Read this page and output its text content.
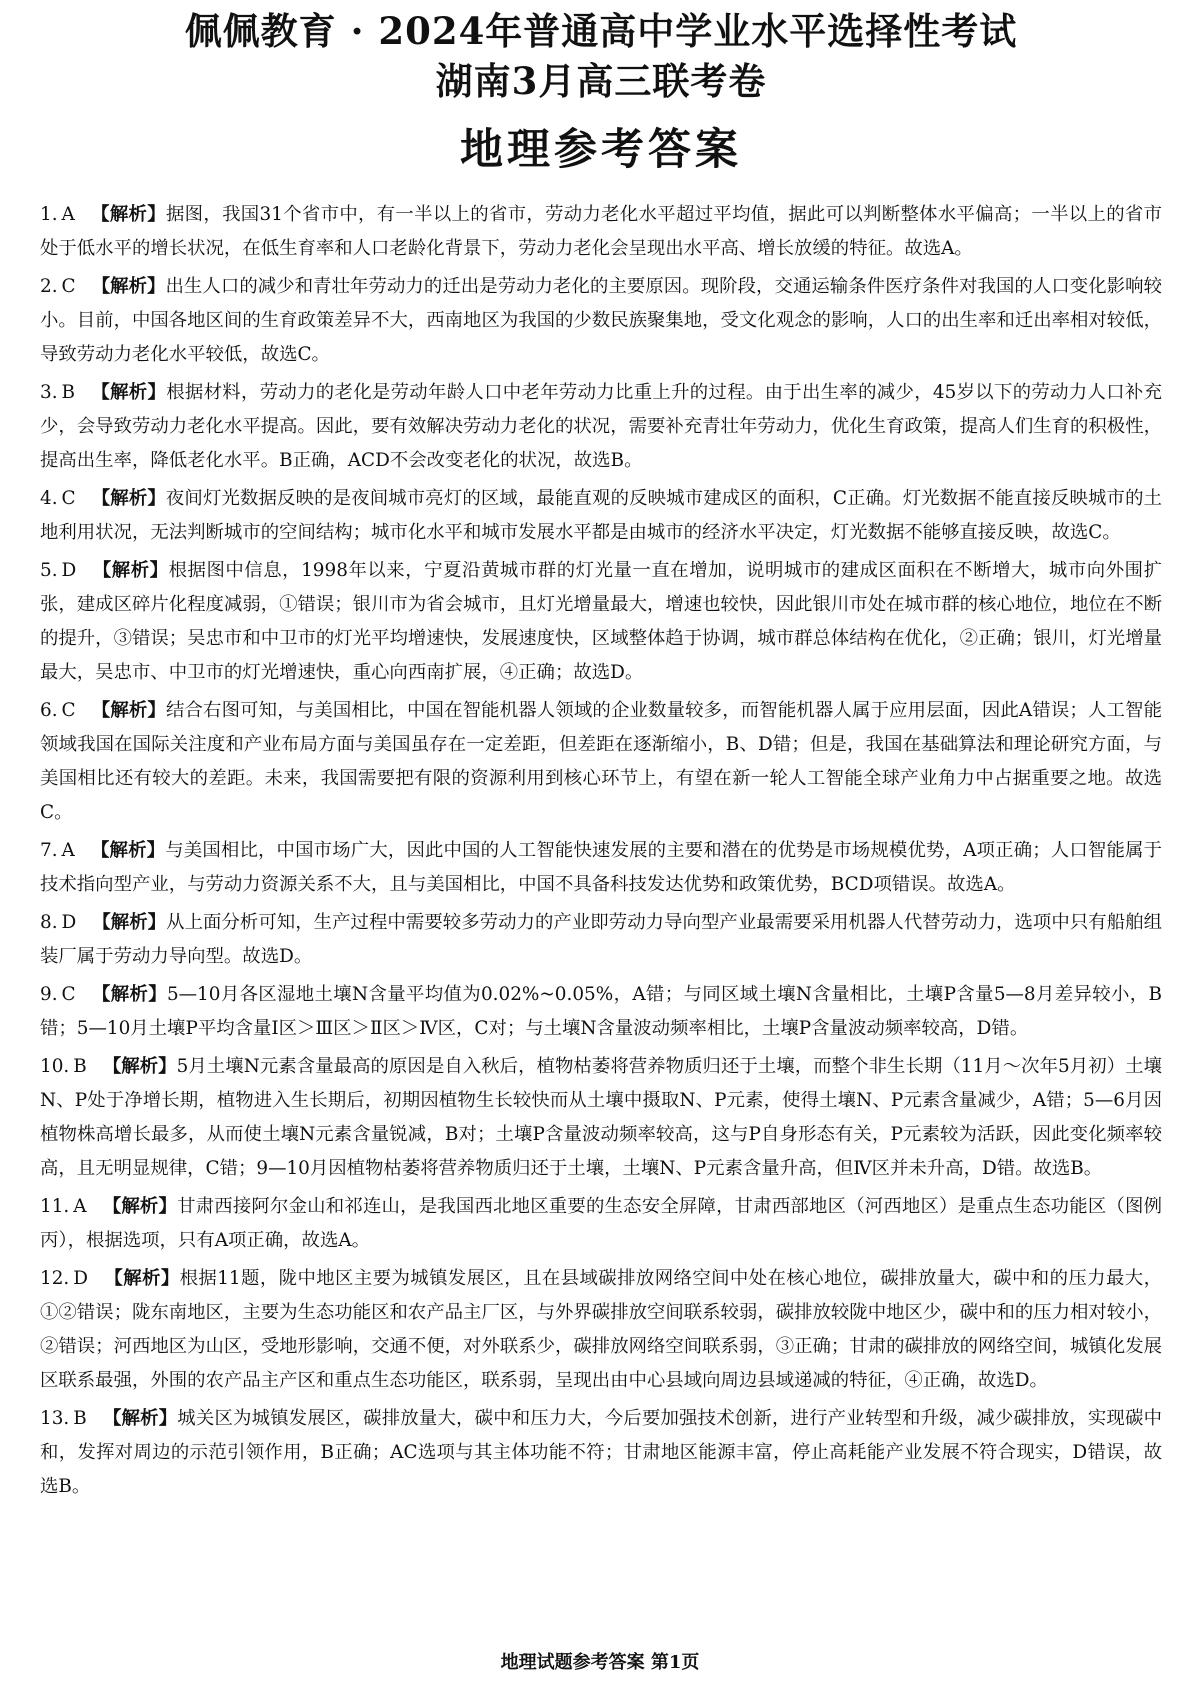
佩佩教育 · 2024年普通高中学业水平选择性考试
湖南3月高三联考卷
地理参考答案
1. A 【解析】据图，我国31个省市中，有一半以上的省市，劳动力老化水平超过平均值，据此可以判断整体水平偏高；一半以上的省市处于低水平的增长状况，在低生育率和人口老龄化背景下，劳动力老化会呈现出水平高、增长放缓的特征。故选A。
2. C 【解析】出生人口的减少和青壮年劳动力的迁出是劳动力老化的主要原因。现阶段，交通运输条件医疗条件对我国的人口变化影响较小。目前，中国各地区间的生育政策差异不大，西南地区为我国的少数民族聚集地，受文化观念的影响，人口的出生率和迁出率相对较低，导致劳动力老化水平较低，故选C。
3. B 【解析】根据材料，劳动力的老化是劳动年龄人口中老年劳动力比重上升的过程。由于出生率的减少，45岁以下的劳动力人口补充少，会导致劳动力老化水平提高。因此，要有效解决劳动力老化的状况，需要补充青壮年劳动力，优化生育政策，提高人们生育的积极性，提高出生率，降低老化水平。B正确，ACD不会改变老化的状况，故选B。
4. C 【解析】夜间灯光数据反映的是夜间城市亮灯的区域，最能直观的反映城市建成区的面积，C正确。灯光数据不能直接反映城市的土地利用状况，无法判断城市的空间结构；城市化水平和城市发展水平都是由城市的经济水平决定，灯光数据不能够直接反映，故选C。
5. D 【解析】根据图中信息，1998年以来，宁夏沿黄城市群的灯光量一直在增加，说明城市的建成区面积在不断增大，城市向外围扩张，建成区碎片化程度减弱，①错误；银川市为省会城市，且灯光增量最大，增速也较快，因此银川市处在城市群的核心地位，地位在不断的提升，③错误；吴忠市和中卫市的灯光平均增速快，发展速度快，区域整体趋于协调，城市群总体结构在优化，②正确；银川，灯光增量最大，吴忠市、中卫市的灯光增速快，重心向西南扩展，④正确；故选D。
6. C 【解析】结合右图可知，与美国相比，中国在智能机器人领域的企业数量较多，而智能机器人属于应用层面，因此A错误；人工智能领域我国在国际关注度和产业布局方面与美国虽存在一定差距，但差距在逐渐缩小，B、D错；但是，我国在基础算法和理论研究方面，与美国相比还有较大的差距。未来，我国需要把有限的资源利用到核心环节上，有望在新一轮人工智能全球产业角力中占据重要之地。故选C。
7. A 【解析】与美国相比，中国市场广大，因此中国的人工智能快速发展的主要和潜在的优势是市场规模优势，A项正确；人口智能属于技术指向型产业，与劳动力资源关系不大，且与美国相比，中国不具备科技发达优势和政策优势，BCD项错误。故选A。
8. D 【解析】从上面分析可知，生产过程中需要较多劳动力的产业即劳动力导向型产业最需要采用机器人代替劳动力，选项中只有船舶组装厂属于劳动力导向型。故选D。
9. C 【解析】5—10月各区湿地土壤N含量平均值为0.02%~0.05%，A错；与同区域土壤N含量相比，土壤P含量5—8月差异较小，B错；5—10月土壤P平均含量Ⅰ区＞Ⅲ区＞Ⅱ区＞Ⅳ区，C对；与土壤N含量波动频率相比，土壤P含量波动频率较高，D错。
10. B 【解析】5月土壤N元素含量最高的原因是自入秋后，植物枯萎将营养物质归还于土壤，而整个非生长期（11月～次年5月初）土壤N、P处于净增长期，植物进入生长期后，初期因植物生长较快而从土壤中摄取N、P元素，使得土壤N、P元素含量减少，A错；5—6月因植物株高增长最多，从而使土壤N元素含量锐减，B对；土壤P含量波动频率较高，这与P自身形态有关，P元素较为活跃，因此变化频率较高，且无明显规律，C错；9—10月因植物枯萎将营养物质归还于土壤，土壤N、P元素含量升高，但Ⅳ区并未升高，D错。故选B。
11. A 【解析】甘肃西接阿尔金山和祁连山，是我国西北地区重要的生态安全屏障，甘肃西部地区（河西地区）是重点生态功能区（图例丙），根据选项，只有A项正确，故选A。
12. D 【解析】根据11题，陇中地区主要为城镇发展区，且在县域碳排放网络空间中处在核心地位，碳排放量大，碳中和的压力最大，①②错误；陇东南地区，主要为生态功能区和农产品主厂区，与外界碳排放空间联系较弱，碳排放较陇中地区少，碳中和的压力相对较小，②错误；河西地区为山区，受地形影响，交通不便，对外联系少，碳排放网络空间联系弱，③正确；甘肃的碳排放的网络空间，城镇化发展区联系最强，外围的农产品主产区和重点生态功能区，联系弱，呈现出由中心县域向周边县域递减的特征，④正确，故选D。
13. B 【解析】城关区为城镇发展区，碳排放量大，碳中和压力大，今后要加强技术创新，进行产业转型和升级，减少碳排放，实现碳中和，发挥对周边的示范引领作用，B正确；AC选项与其主体功能不符；甘肃地区能源丰富，停止高耗能产业发展不符合现实，D错误，故选B。
地理试题参考答案 第1页
